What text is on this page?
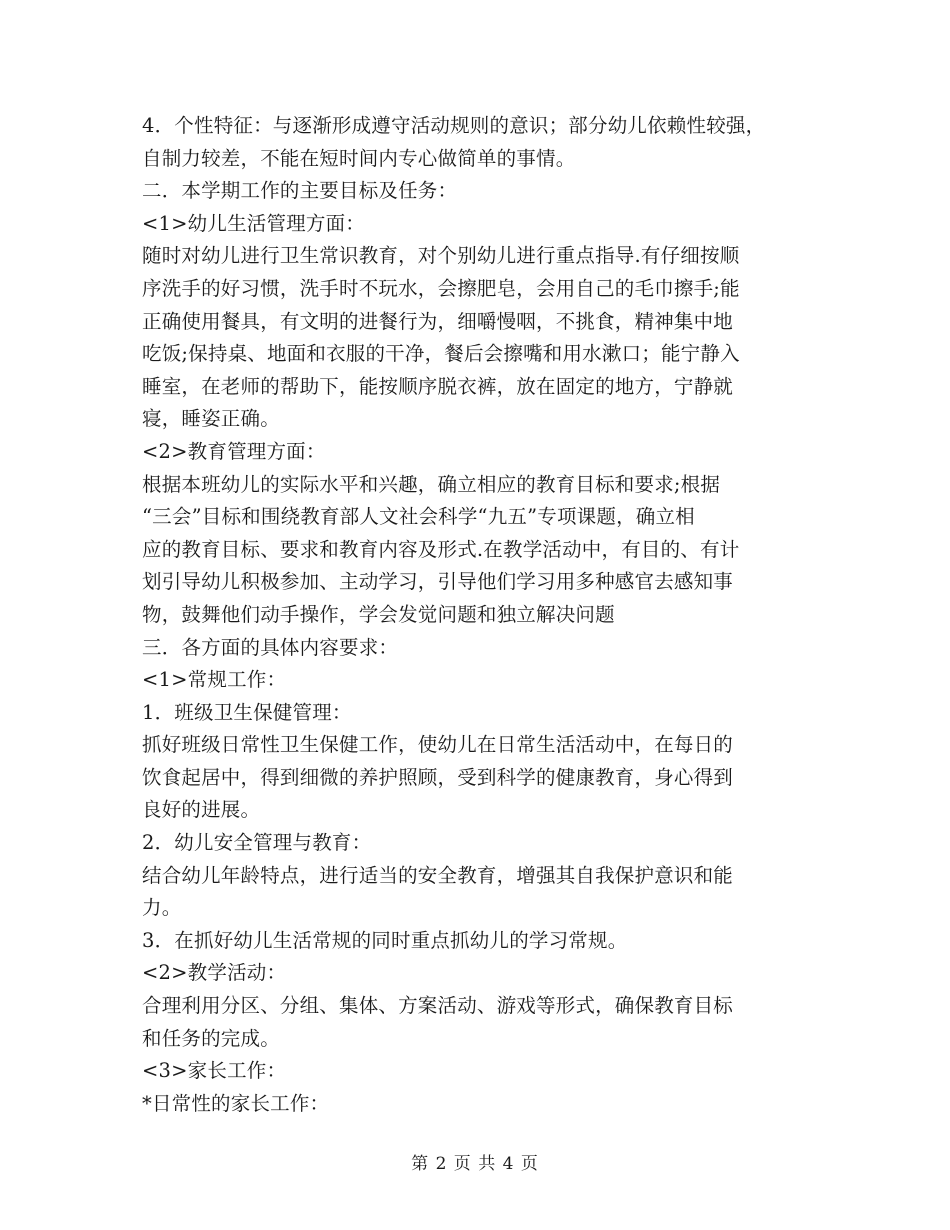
4．个性特征：与逐渐形成遵守活动规则的意识；部分幼儿依赖性较强，
自制力较差，不能在短时间内专心做简单的事情。
二．本学期工作的主要目标及任务：
<1>幼儿生活管理方面：
随时对幼儿进行卫生常识教育，对个别幼儿进行重点指导.有仔细按顺
序洗手的好习惯，洗手时不玩水，会擦肥皂，会用自己的毛巾擦手;能
正确使用餐具，有文明的进餐行为，细嚼慢咽，不挑食，精神集中地
吃饭;保持桌、地面和衣服的干净，餐后会擦嘴和用水漱口；能宁静入
睡室，在老师的帮助下，能按顺序脱衣裤，放在固定的地方，宁静就
寝，睡姿正确。
<2>教育管理方面：
根据本班幼儿的实际水平和兴趣，确立相应的教育目标和要求;根据
“三会”目标和围绕教育部人文社会科学“九五”专项课题，确立相
应的教育目标、要求和教育内容及形式.在教学活动中，有目的、有计
划引导幼儿积极参加、主动学习，引导他们学习用多种感官去感知事
物，鼓舞他们动手操作，学会发觉问题和独立解决问题
三．各方面的具体内容要求：
<1>常规工作：
1．班级卫生保健管理：
抓好班级日常性卫生保健工作，使幼儿在日常生活活动中，在每日的
饮食起居中，得到细微的养护照顾，受到科学的健康教育，身心得到
良好的进展。
2．幼儿安全管理与教育：
结合幼儿年龄特点，进行适当的安全教育，增强其自我保护意识和能
力。
3．在抓好幼儿生活常规的同时重点抓幼儿的学习常规。
<2>教学活动：
合理利用分区、分组、集体、方案活动、游戏等形式，确保教育目标
和任务的完成。
<3>家长工作：
*日常性的家长工作：
第 2 页 共 4 页
